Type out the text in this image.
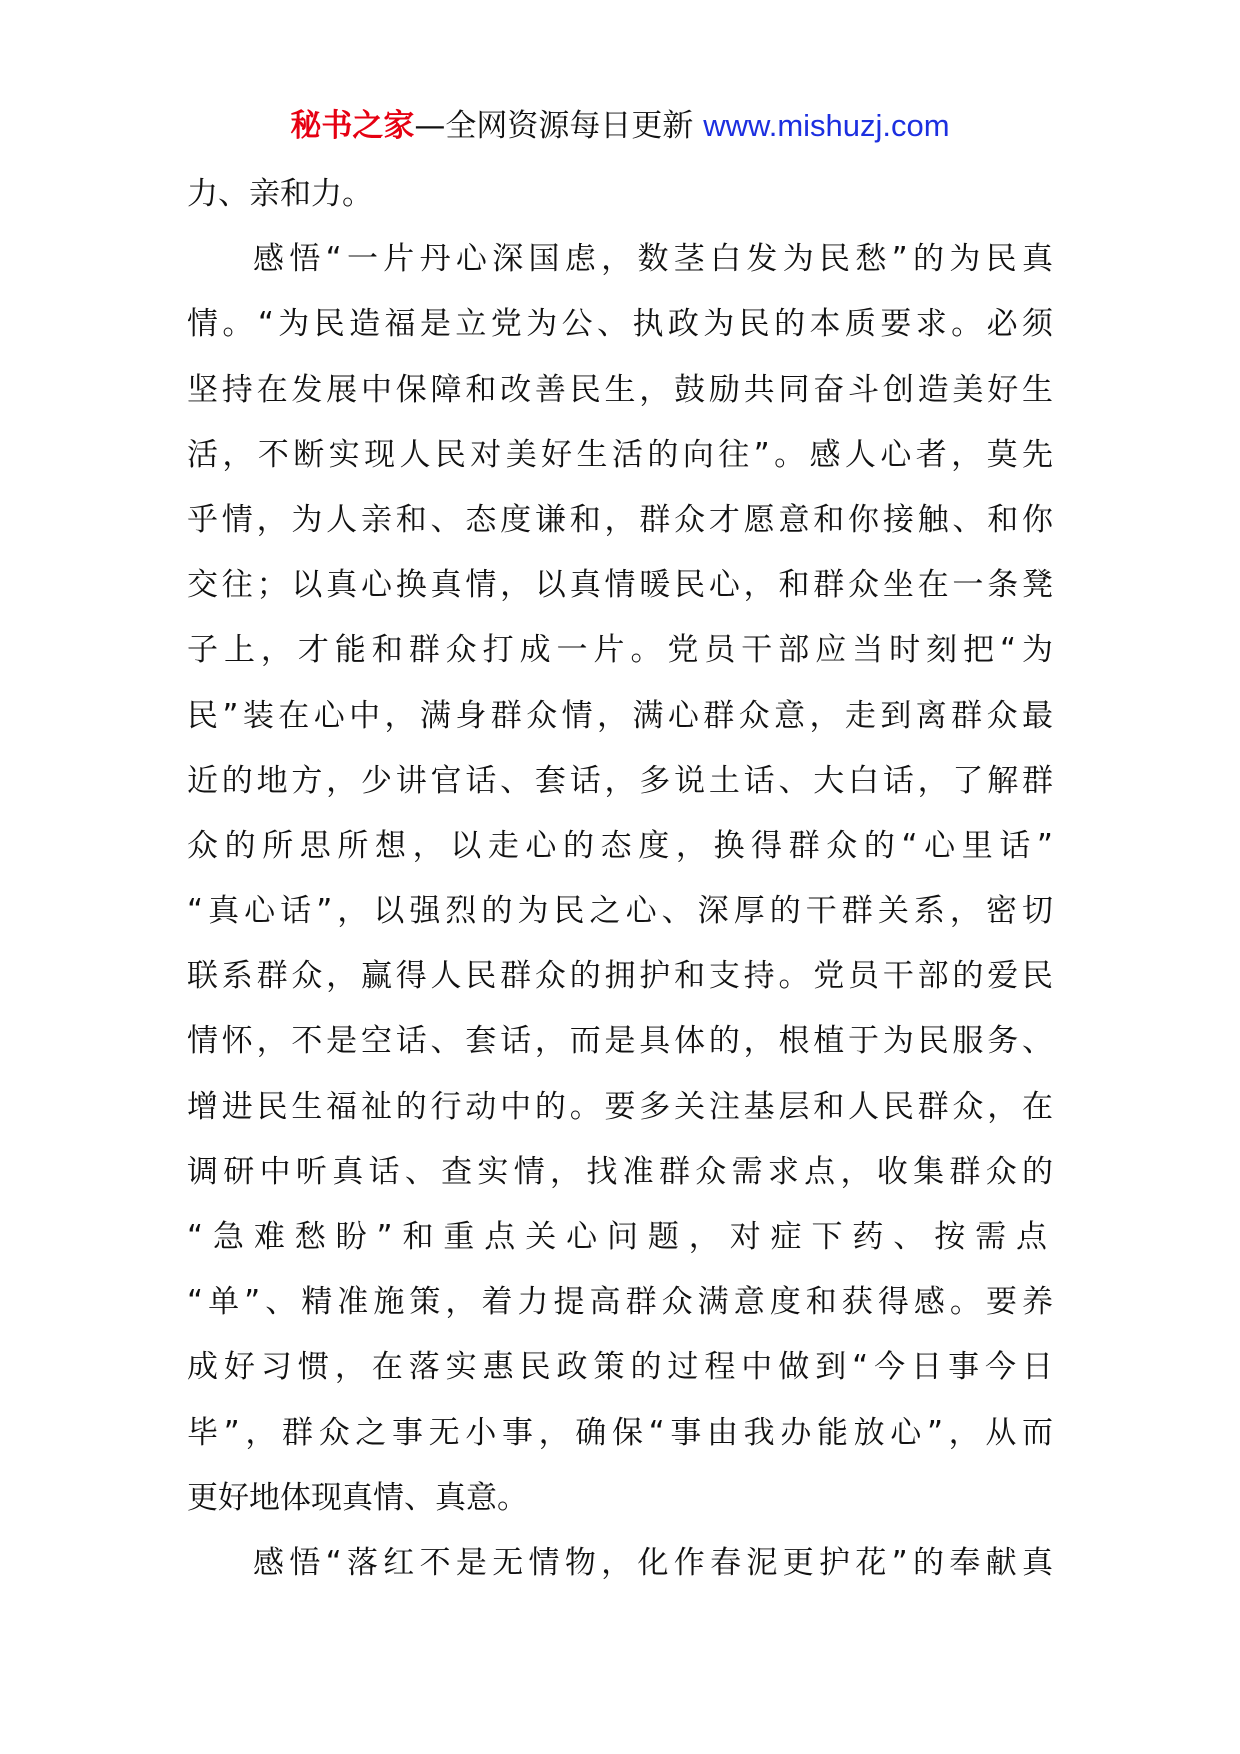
秘书之家—全网资源每日更新 www.mishuzj.com
力、亲和力。
感悟“一片丹心深国虑，数茎白发为民愁”的为民真
情。“为民造福是立党为公、执政为民的本质要求。必须
坚持在发展中保障和改善民生，鼓励共同奋斗创造美好生
活，不断实现人民对美好生活的向往”。感人心者，莫先
乎情，为人亲和、态度谦和，群众才愿意和你接触、和你
交往；以真心换真情，以真情暖民心，和群众坐在一条凳
子上，才能和群众打成一片。党员干部应当时刻把“为
民”装在心中，满身群众情，满心群众意，走到离群众最
近的地方，少讲官话、套话，多说土话、大白话，了解群
众的所思所想，以走心的态度，换得群众的“心里话”
“真心话”，以强烈的为民之心、深厚的干群关系，密切
联系群众，赢得人民群众的拥护和支持。党员干部的爱民
情怀，不是空话、套话，而是具体的，根植于为民服务、
增进民生福祉的行动中的。要多关注基层和人民群众，在
调研中听真话、查实情，找准群众需求点，收集群众的
“急难愁盼”和重点关心问题，对症下药、按需点
“单”、精准施策，着力提高群众满意度和获得感。要养
成好习惯，在落实惠民政策的过程中做到“今日事今日
毕”，群众之事无小事，确保“事由我办能放心”，从而
更好地体现真情、真意。
感悟“落红不是无情物，化作春泥更护花”的奉献真
